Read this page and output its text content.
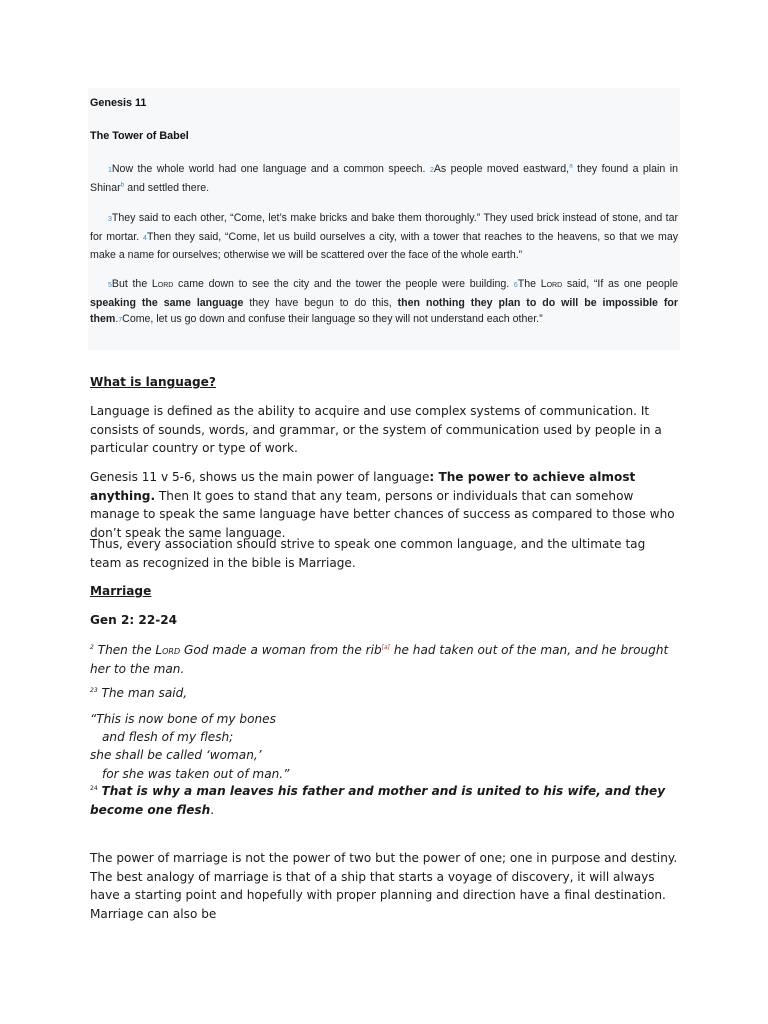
Genesis 11
The Tower of Babel
1Now the whole world had one language and a common speech. 2As people moved eastward,$^a$ they found a plain in Shinar$^b$ and settled there.
3They said to each other, “Come, let’s make bricks and bake them thoroughly.” They used brick instead of stone, and tar for mortar. 4Then they said, “Come, let us build ourselves a city, with a tower that reaches to the heavens, so that we may make a name for ourselves; otherwise we will be scattered over the face of the whole earth.”
5But the Lord came down to see the city and the tower the people were building. 6The Lord said, “If as one people speaking the same language they have begun to do this, then nothing they plan to do will be impossible for them.7Come, let us go down and confuse their language so they will not understand each other.”
What is language?
Language is defined as the ability to acquire and use complex systems of communication. It consists of sounds, words, and grammar, or the system of communication used by people in a particular country or type of work.
Genesis 11 v 5-6, shows us the main power of language: The power to achieve almost anything. Then It goes to stand that any team, persons or individuals that can somehow manage to speak the same language have better chances of success as compared to those who don’t speak the same language.
Thus, every association should strive to speak one common language, and the ultimate tag team as recognized in the bible is Marriage.
Marriage
Gen 2: 22-24
$^2$ Then the Lord God made a woman from the rib[a] he had taken out of the man, and he brought her to the man.
$^{23}$ The man said,
“This is now bone of my bones
and flesh of my flesh;
she shall be called ‘woman,’
for she was taken out of man.”
$^{24}$ That is why a man leaves his father and mother and is united to his wife, and they become one flesh.
The power of marriage is not the power of two but the power of one; one in purpose and destiny. The best analogy of marriage is that of a ship that starts a voyage of discovery, it will always have a starting point and hopefully with proper planning and direction have a final destination. Marriage can also be
